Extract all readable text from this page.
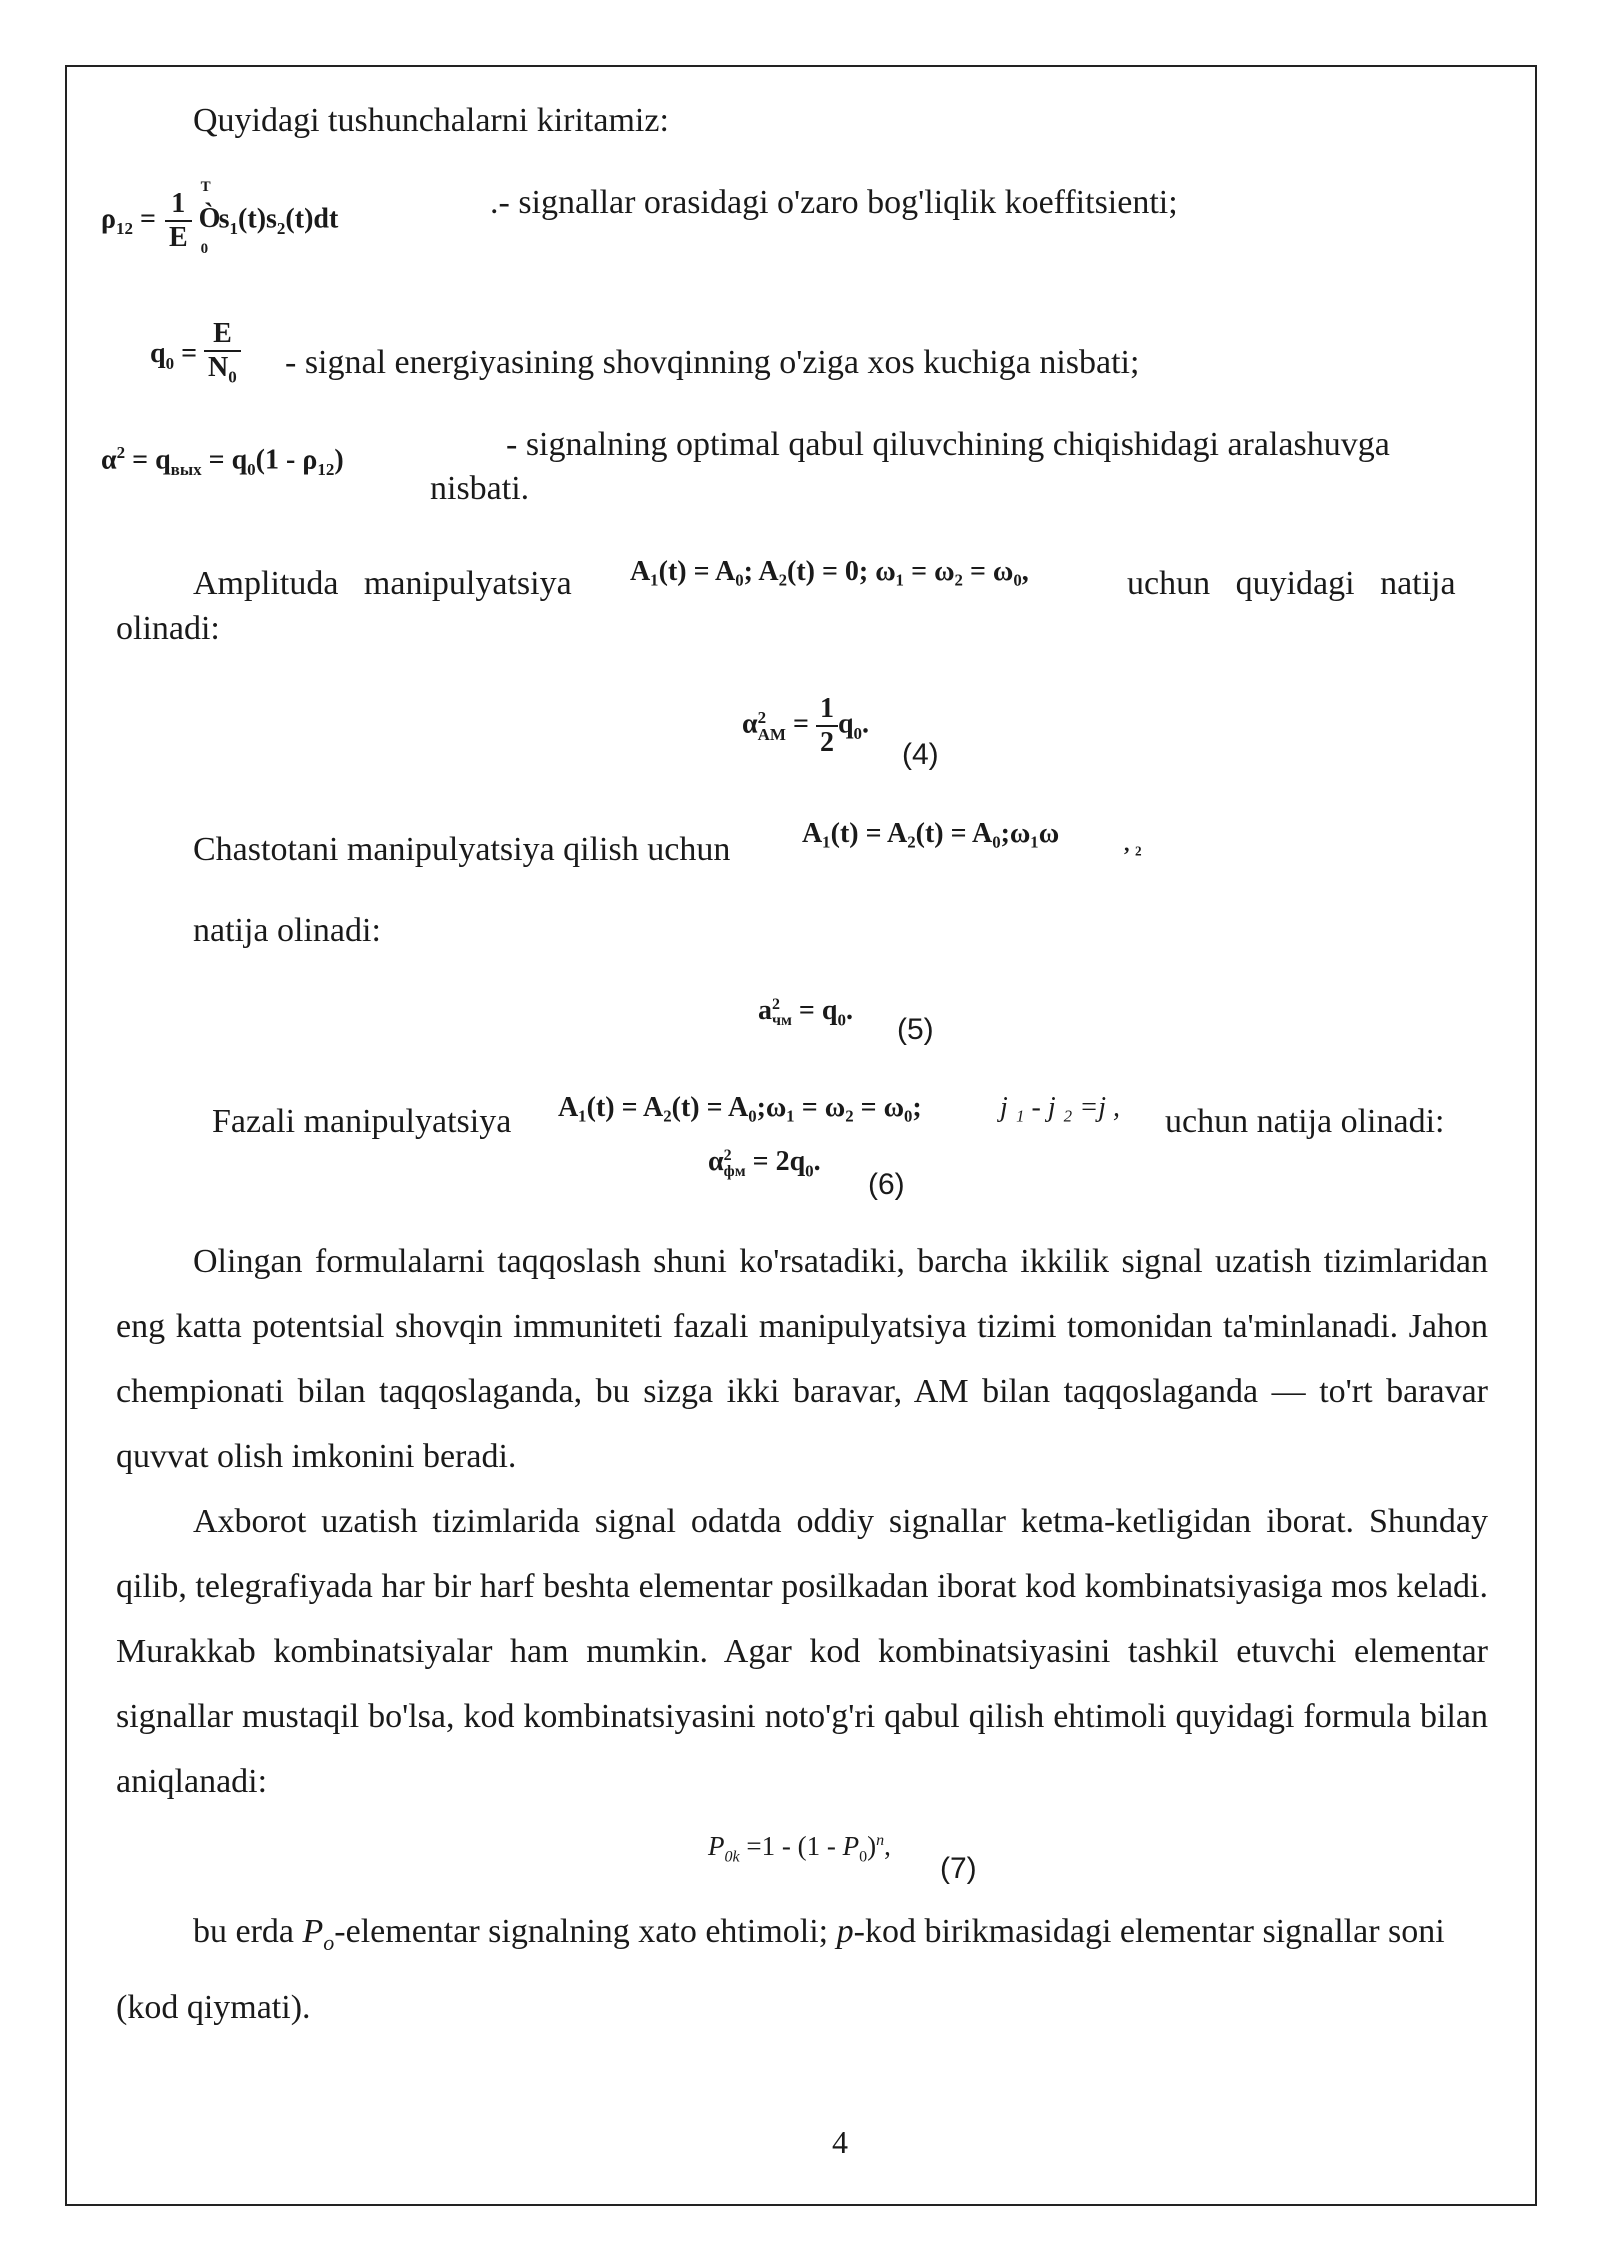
Quyidagi tushunchalarni kiritamiz:
$\rho_{12} = \frac{1}{E}$

T
Ò
0
$s_1(t)s_2(t)dt$	.- signallar orasidagi o'zaro bog'liqlik koeffitsienti;
$q_0 = \frac{E}{N_0}$ - signal energiyasining shovqinning o'ziga xos kuchiga nisbati;
$\alpha^2 = q_{вых} = q_0(1 - \rho_{12})$	- signalning optimal qabul qiluvchining chiqishidagi aralashuvga
nisbati.
Amplituda   manipulyatsiya A₁(t) = A₀; A₂(t) = 0; ω₁ = ω₂ = ω₀,	uchun   quyidagi   natija
olinadi:
α 2
AM = $\frac{1}{2} q_0$.
(4)
Chastotani manipulyatsiya qilish uchun	A₁(t) = A₂(t) = A₀;ω₁ω	, ₂
natija olinadi:
a 2
чм = $q_0$.
(5)
Fazali manipulyatsiya A₁(t) = A₂(t) = A₀;ω₁ = ω₂ = ω₀;	j ₁ - j ₂ =j , uchun natija olinadi:
α 2
фм = $2q_0$.
(6)
Olingan formulalarni taqqoslash shuni ko'rsatadiki, barcha ikkilik signal uzatish tizimlaridan eng katta potentsial shovqin immuniteti fazali manipulyatsiya tizimi tomonidan ta'minlanadi. Jahon chempionati bilan taqqoslaganda, bu sizga ikki baravar, AM bilan taqqoslaganda — to'rt baravar quvvat olish imkonini beradi.
Axborot uzatish tizimlarida signal odatda oddiy signallar ketma-ketligidan iborat. Shunday qilib, telegrafiyada har bir harf beshta elementar posilkadan iborat kod kombinatsiyasiga mos keladi. Murakkab kombinatsiyalar ham mumkin. Agar kod kombinatsiyasini tashkil etuvchi elementar signallar mustaqil bo'lsa, kod kombinatsiyasini noto'g'ri qabul qilish ehtimoli quyidagi formula bilan aniqlanadi:
$P_{0k} =1 - (1 - P_0)^n$,
(7)
bu erda $P_o$-elementar signalning xato ehtimoli; p-kod birikmasidagi elementar signallar soni (kod qiymati).
4
